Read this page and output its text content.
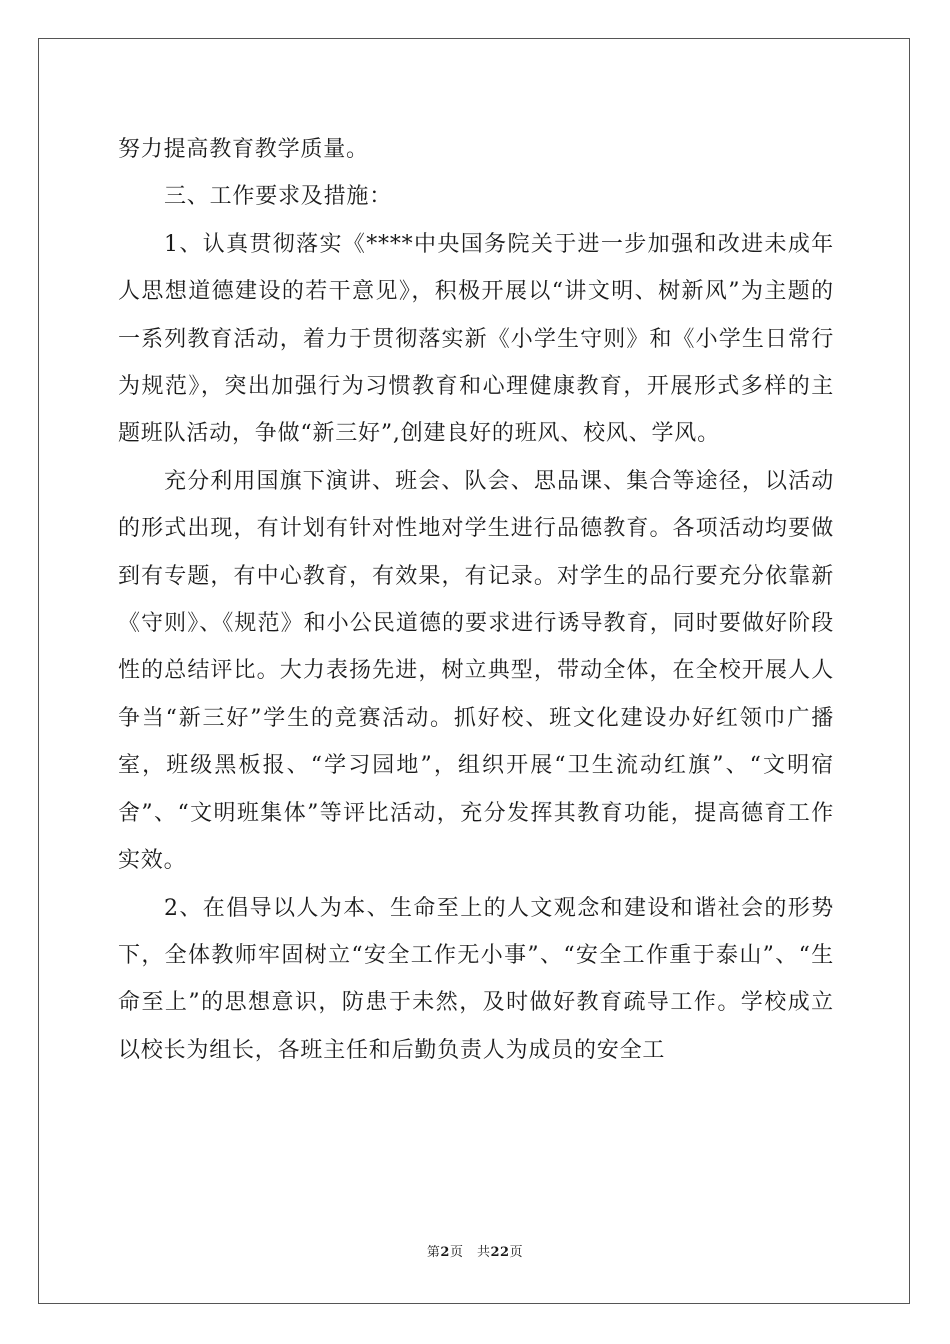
努力提高教育教学质量。

三、工作要求及措施：

1、认真贯彻落实《****中央国务院关于进一步加强和改进未成年人思想道德建设的若干意见》，积极开展以“讲文明、树新风”为主题的一系列教育活动，着力于贯彻落实新《小学生守则》和《小学生日常行为规范》，突出加强行为习惯教育和心理健康教育，开展形式多样的主题班队活动，争做“新三好”,创建良好的班风、校风、学风。

充分利用国旗下演讲、班会、队会、思品课、集合等途径，以活动的形式出现，有计划有针对性地对学生进行品德教育。各项活动均要做到有专题，有中心教育，有效果，有记录。对学生的品行要充分依靠新《守则》、《规范》和小公民道德的要求进行诱导教育，同时要做好阶段性的总结评比。大力表扬先进，树立典型，带动全体，在全校开展人人争当“新三好”学生的竞赛活动。抓好校、班文化建设办好红领巾广播室，班级黑板报、“学习园地”，组织开展“卫生流动红旗”、“文明宿舍”、“文明班集体”等评比活动，充分发挥其教育功能，提高德育工作实效。

2、在倡导以人为本、生命至上的人文观念和建设和谐社会的形势下，全体教师牢固树立“安全工作无小事”、“安全工作重于泰山”、“生命至上”的思想意识，防患于未然，及时做好教育疏导工作。学校成立以校长为组长，各班主任和后勤负责人为成员的安全工

第2页　共22页
